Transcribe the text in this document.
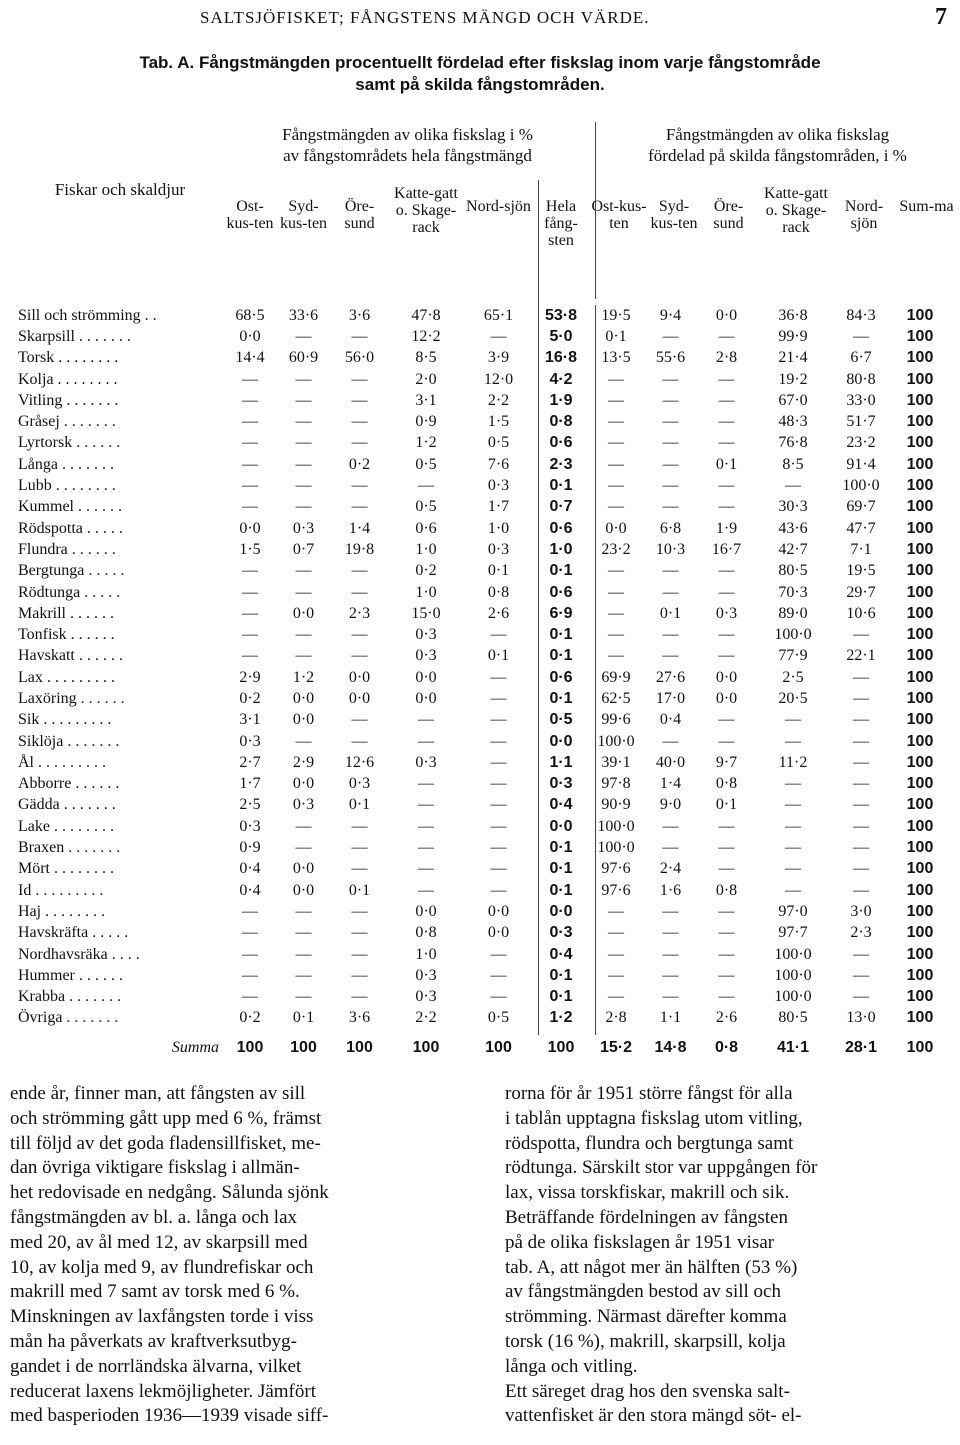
SALTSJÖFISKET; FÅNGSTENS MÄNGD OCH VÄRDE.	7
Tab. A. Fångstmängden procentuellt fördelad efter fiskslag inom varje fångstområde
samt på skilda fångstområden.
Fångstmängden av olika fiskslag i %
av fångstområdets hela fångstmängd
Fångstmängden av olika fiskslag
fördelad på skilda fångstområden, i %
Fiskar och skaldjur
Ost-kus-ten
Syd-kus-ten
Öre-sund
Katte-gatt o. Skage-rack
Nord-sjön Hela fång-sten
Ost-kus-ten
Syd-kus-ten
Öre-sund
Katte-gatt o. Skage-rack
Nord-sjön
Sum-ma
Sill och strömming . .	68·5	33·6	3·6	47·8	65·1	53·8	19·5	9·4	0·0	36·8	84·3	100
Skarpsill . . . . . . .	0·0	—	—	12·2	—	5·0	0·1	—	—	99·9	—	100
Torsk . . . . . . . .	14·4	60·9	56·0	8·5	3·9	16·8	13·5	55·6	2·8	21·4	6·7	100
Kolja . . . . . . . .	—	—	—	2·0	12·0	4·2	—	—	—	19·2	80·8	100
Vitling . . . . . . .	—	—	—	3·1	2·2	1·9	—	—	—	67·0	33·0	100
Gråsej . . . . . . .	—	—	—	0·9	1·5	0·8	—	—	—	48·3	51·7	100
Lyrtorsk . . . . . .	—	—	—	1·2	0·5	0·6	—	—	—	76·8	23·2	100
Långa . . . . . . .	—	—	0·2	0·5	7·6	2·3	—	—	0·1	8·5	91·4	100
Lubb . . . . . . . .	—	—	—	—	0·3	0·1	—	—	—	—	100·0	100
Kummel . . . . . .	—	—	—	0·5	1·7	0·7	—	—	—	30·3	69·7	100
Rödspotta . . . . .	0·0	0·3	1·4	0·6	1·0	0·6	0·0	6·8	1·9	43·6	47·7	100
Flundra . . . . . .	1·5	0·7	19·8	1·0	0·3	1·0	23·2	10·3	16·7	42·7	7·1	100
Bergtunga . . . . .	—	—	—	0·2	0·1	0·1	—	—	—	80·5	19·5	100
Rödtunga . . . . .	—	—	—	1·0	0·8	0·6	—	—	—	70·3	29·7	100
Makrill . . . . . .	—	0·0	2·3	15·0	2·6	6·9	—	0·1	0·3	89·0	10·6	100
Tonfisk . . . . . .	—	—	—	0·3	—	0·1	—	—	—	100·0	—	100
Havskatt . . . . . .	—	—	—	0·3	0·1	0·1	—	—	—	77·9	22·1	100
Lax . . . . . . . . .	2·9	1·2	0·0	0·0	—	0·6	69·9	27·6	0·0	2·5	—	100
Laxöring . . . . . .	0·2	0·0	0·0	0·0	—	0·1	62·5	17·0	0·0	20·5	—	100
Sik . . . . . . . . .	3·1	0·0	—	—	—	0·5	99·6	0·4	—	—	—	100
Siklöja . . . . . . .	0·3	—	—	—	—	0·0	100·0	—	—	—	—	100
Ål . . . . . . . . .	2·7	2·9	12·6	0·3	—	1·1	39·1	40·0	9·7	11·2	—	100
Abborre . . . . . .	1·7	0·0	0·3	—	—	0·3	97·8	1·4	0·8	—	—	100
Gädda . . . . . . .	2·5	0·3	0·1	—	—	0·4	90·9	9·0	0·1	—	—	100
Lake . . . . . . . .	0·3	—	—	—	—	0·0	100·0	—	—	—	—	100
Braxen . . . . . . .	0·9	—	—	—	—	0·1	100·0	—	—	—	—	100
Mört . . . . . . . .	0·4	0·0	—	—	—	0·1	97·6	2·4	—	—	—	100
Id . . . . . . . . .	0·4	0·0	0·1	—	—	0·1	97·6	1·6	0·8	—	—	100
Haj . . . . . . . .	—	—	—	0·0	0·0	0·0	—	—	—	97·0	3·0	100
Havskräfta . . . . .	—	—	—	0·8	0·0	0·3	—	—	—	97·7	2·3	100
Nordhavsräka . . . .	—	—	—	1·0	—	0·4	—	—	—	100·0	—	100
Hummer . . . . . .	—	—	—	0·3	—	0·1	—	—	—	100·0	—	100
Krabba . . . . . . .	—	—	—	0·3	—	0·1	—	—	—	100·0	—	100
Övriga . . . . . . .	0·2	0·1	3·6	2·2	0·5	1·2	2·8	1·1	2·6	80·5	13·0	100
Summa	100	100	100	100	100	100	15·2	14·8	0·8	41·1	28·1	100

ende år, finner man, att fångsten av sill

och strömming gått upp med 6 %, främst

till följd av det goda fladensillfisket, me-

dan övriga viktigare fiskslag i allmän-

het redovisade en nedgång. Sålunda sjönk

fångstmängden av bl. a. långa och lax

med 20, av ål med 12, av skarpsill med

10, av kolja med 9, av flundrefiskar och

makrill med 7 samt av torsk med 6 %.

Minskningen av laxfångsten torde i viss

mån ha påverkats av kraftverksutbyg-

gandet i de norrländska älvarna, vilket

reducerat laxens lekmöjligheter. Jämfört

med basperioden 1936—1939 visade siff-

rorna för år 1951 större fångst för alla

i tablån upptagna fiskslag utom vitling,

rödspotta, flundra och bergtunga samt

rödtunga. Särskilt stor var uppgången för

lax, vissa torskfiskar, makrill och sik.

Beträffande fördelningen av fångsten

på de olika fiskslagen år 1951 visar

tab. A, att något mer än hälften (53 %)

av fångstmängden bestod av sill och

strömming. Närmast därefter komma

torsk (16 %), makrill, skarpsill, kolja

långa och vitling.

Ett säreget drag hos den svenska salt-

vattenfisket är den stora mängd söt- el-
